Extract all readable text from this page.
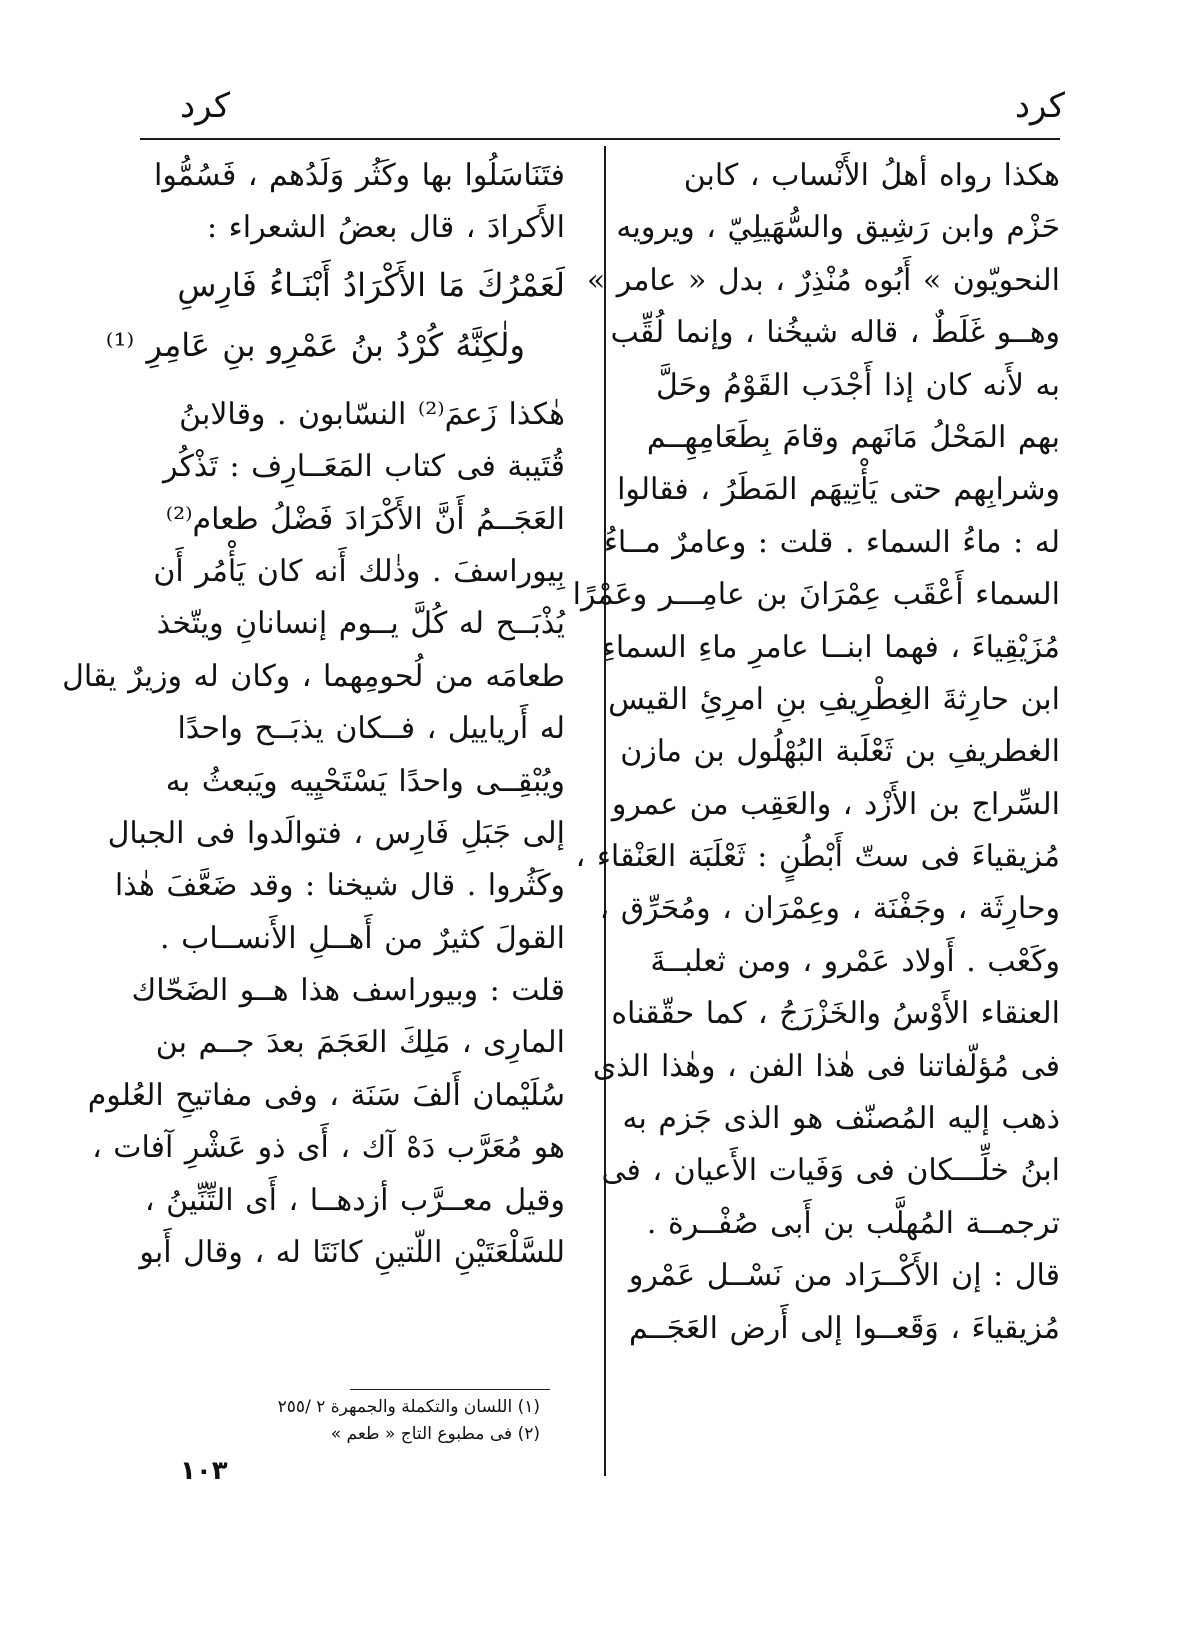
كرد
كرد
هكذا رواه أهلُ الأَنْساب ، كابن
حَزْم وابن رَشِيق والسُّهَيلِيّ ، ويرويه
النحويّون » أَبُوه مُنْذِرٌ ، بدل « عامر »
وهــو غَلَطٌ ، قاله شيخُنا ، وإنما لُقِّب
به لأَنه كان إذا أَجْدَب القَوْمُ وحَلَّ
بهم المَحْلُ مَانَهم وقامَ بِطَعَامِهِــم
وشرابِهم حتى يَأْتِيهَم المَطَرُ ، فقالوا
له : ماءُ السماء . قلت : وعامرٌ مــاءُ
السماء أَعْقَب عِمْرَانَ بن عامِـــر وعَمْرًا
مُزَيْقِياءَ ، فهما ابنــا عامرِ ماءِ السماءِ
ابن حارِثةَ الغِطْرِيفِ بنِ امرِئِ القيس
الغطريفِ بن ثَعْلَبة البُهْلُول بن مازن
السِّراج بن الأَزْد ، والعَقِب من عمرو
مُزيقياءَ فى ستّ أَبْطُنٍ : ثَعْلَبَة العَنْقاء ،
وحارِثَة ، وجَفْنَة ، وعِمْرَان ، ومُحَرِّق ،
وكَعْب . أَولاد عَمْرو ، ومن ثعلبــةَ
العنقاء الأَوْسُ والخَزْرَجُ ، كما حقّقناه
فى مُؤلّفاتنا فى هٰذا الفن ، وهٰذا الذى
ذهب إليه المُصنّف هو الذى جَزم به
ابنُ خلِّـــكان فى وَفَيات الأَعيان ، فى
ترجمــة المُهلَّب بن أَبى صُفْــرة .
قال : إن الأَكْــرَاد من نَسْــل عَمْرو
مُزيقياءَ ، وَقَعــوا إلى أَرض العَجَــم
فتَنَاسَلُوا بها وكَثُر وَلَدُهم ، فَسُمُّوا
الأَكرادَ ، قال بعضُ الشعراء :
لَعَمْرُكَ مَا الأَكْرَادُ أَبْنَـاءُ فَارِسِ
ولٰكِنَّهُ كُرْدُ بنُ عَمْرِو بنِ عَامِرِ ⁽¹⁾
هٰكذا زَعمَ⁽²⁾ النسّابون . وقالابنُ
قُتَيبة فى كتاب المَعَــارِف : تَذْكُر
العَجَــمُ أَنَّ الأَكْرَادَ فَضْلُ طعام⁽²⁾
بِيوراسفَ . وذٰلك أَنه كان يَأْمُر أَن
يُذْبَــح له كُلَّ يــوم إنسانانِ ويتّخذ
طعامَه من لُحومِهما ، وكان له وزيرٌ يقال
له أَرياييل ، فــكان يذبَــح واحدًا
ويُبْقِــى واحدًا يَسْتَحْيِيه ويَبعثُ به
إلى جَبَلِ فَارِس ، فتوالَدوا فى الجبال
وكَثُروا . قال شيخنا : وقد ضَعَّفَ هٰذا
القولَ كثيرٌ من أَهــلِ الأَنســاب .
قلت : وبيوراسف هذا هــو الضَحّاك
المارِى ، مَلِكَ العَجَمَ بعدَ جــم بن
سُلَيْمان أَلفَ سَنَة ، وفى مفاتيحِ العُلوم
هو مُعَرَّب دَهْ آك ، أَى ذو عَشْرِ آفات ،
وقيل معــرَّب أزدهــا ، أَى التِّنِّينُ ،
للسَّلْعَتَيْنِ اللّتينِ كانَتَا له ، وقال أَبو
(١) اللسان والتكملة والجمهرة ٢ /٢٥٥
(٢) فى مطبوع التاج « طعم »
١٠٣
